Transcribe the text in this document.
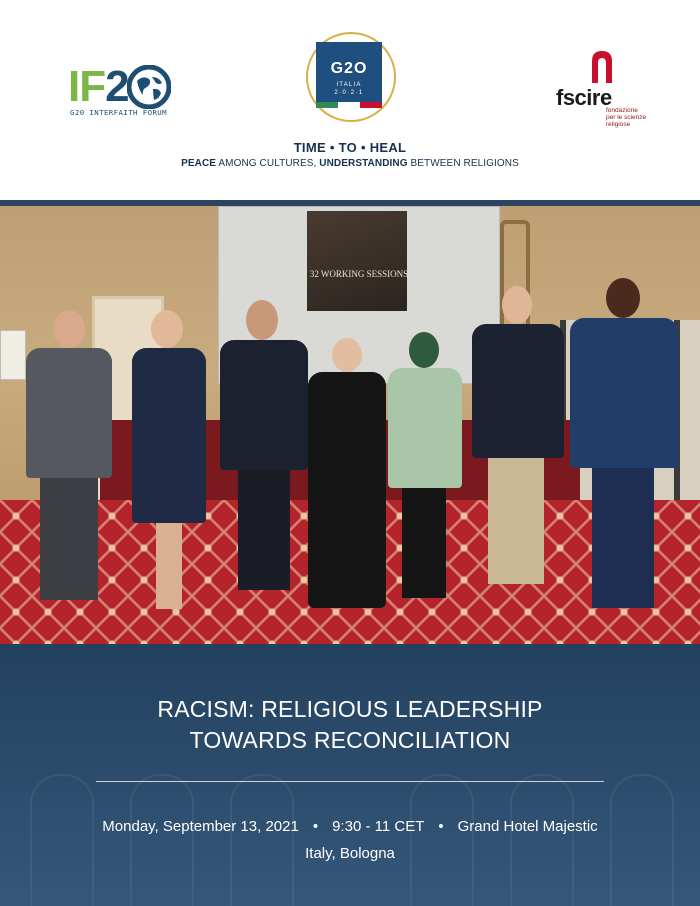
IF2
G20 INTERFAITH FORUM
G2O
ITALIA
2·0·2·1	fscire
fondazione
per le scienze
religiose
TIME • TO • HEAL
PEACE AMONG CULTURES, UNDERSTANDING BETWEEN RELIGIONS
32 WORKING SESSIONS
RACISM: RELIGIOUS LEADERSHIP
TOWARDS RECONCILIATION
Monday, September 13, 2021 • 9:30 - 11 CET • Grand Hotel Majestic
Italy, Bologna
